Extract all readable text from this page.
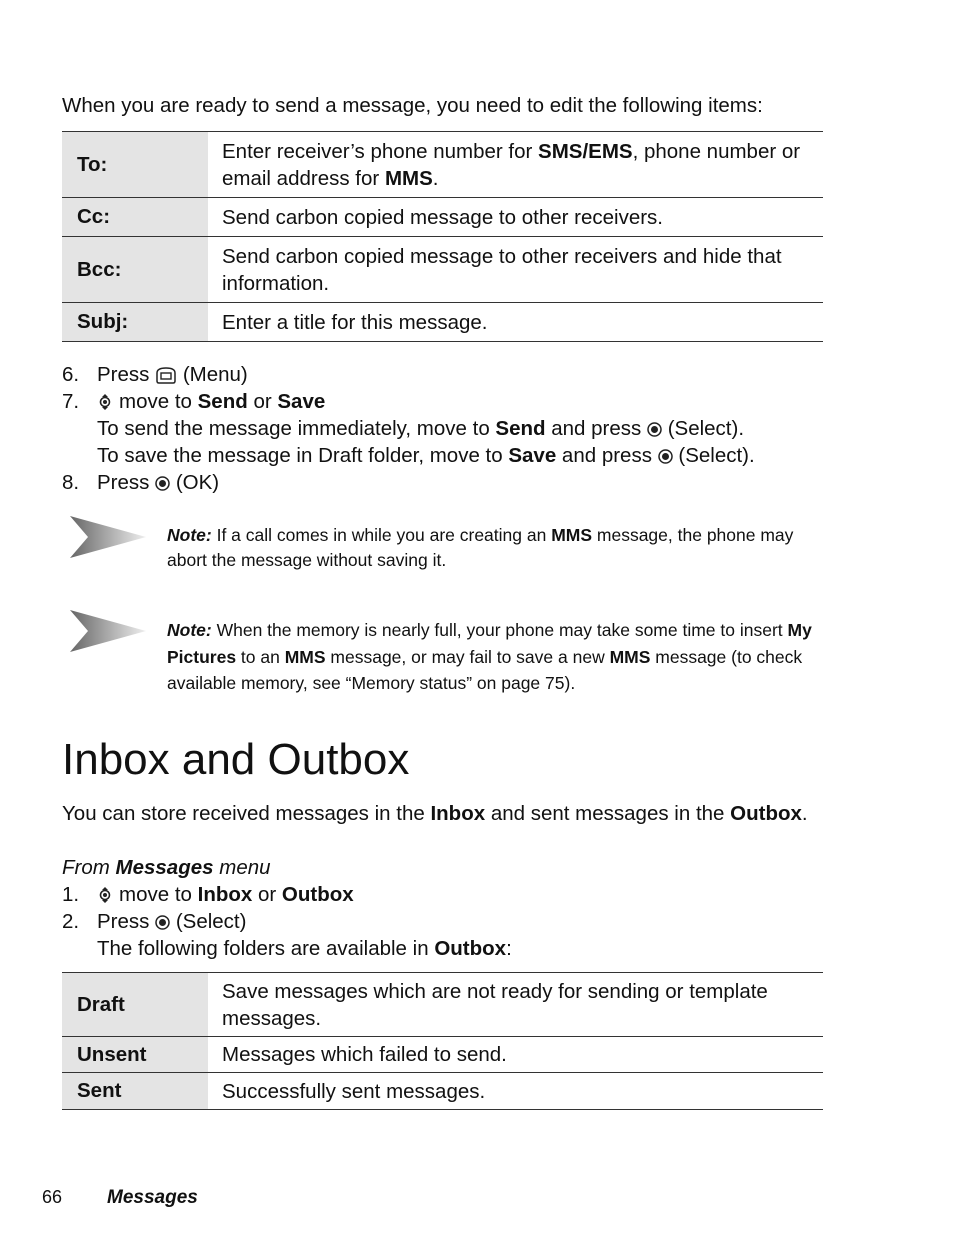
When you are ready to send a message, you need to edit the following items:

To:	Enter receiver’s phone number for SMS/EMS, phone number or email address for MMS.
Cc:	Send carbon copied message to other receivers.
Bcc:	Send carbon copied message to other receivers and hide that information.
Subj:	Enter a title for this message.
6. Press (Menu)
7.	move to Send or Save
To send the message immediately, move to Send and press (Select).
To save the message in Draft folder, move to Save and press (Select).
8. Press (OK)
Note: If a call comes in while you are creating an MMS message, the phone may abort the message without saving it.
Note: When the memory is nearly full, your phone may take some time to insert My Pictures to an MMS message, or may fail to save a new MMS message (to check available memory, see “Memory status” on page 75).
Inbox and Outbox

You can store received messages in the Inbox and sent messages in the Outbox.

From Messages menu

1.	move to Inbox or Outbox
2. Press (Select)
The following folders are available in Outbox:
Draft	Save messages which are not ready for sending or template messages.
Unsent	Messages which failed to send.
Sent	Successfully sent messages.
66 Messages
